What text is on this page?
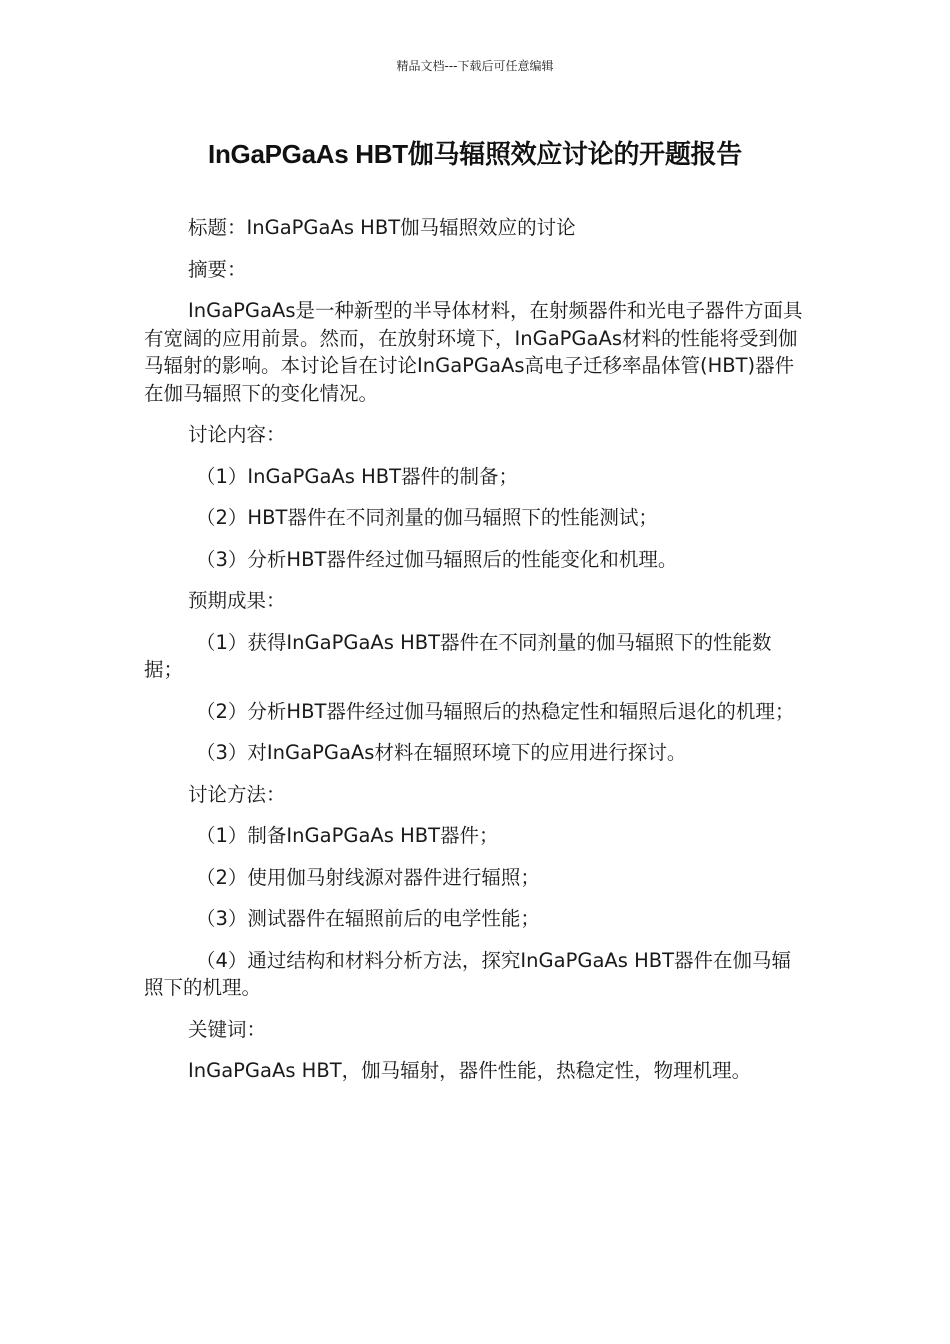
精品文档---下载后可任意编辑
InGaPGaAs HBT伽马辐照效应讨论的开题报告

标题：InGaPGaAs HBT伽马辐照效应的讨论

摘要：

InGaPGaAs是一种新型的半导体材料，在射频器件和光电子器件方面具有宽阔的应用前景。然而，在放射环境下，InGaPGaAs材料的性能将受到伽马辐射的影响。本讨论旨在讨论InGaPGaAs高电子迁移率晶体管(HBT)器件在伽马辐照下的变化情况。

讨论内容：

（1）InGaPGaAs HBT器件的制备；

（2）HBT器件在不同剂量的伽马辐照下的性能测试；

（3）分析HBT器件经过伽马辐照后的性能变化和机理。

预期成果：

（1）获得InGaPGaAs HBT器件在不同剂量的伽马辐照下的性能数据；

（2）分析HBT器件经过伽马辐照后的热稳定性和辐照后退化的机理；

（3）对InGaPGaAs材料在辐照环境下的应用进行探讨。

讨论方法：

（1）制备InGaPGaAs HBT器件；

（2）使用伽马射线源对器件进行辐照；

（3）测试器件在辐照前后的电学性能；

（4）通过结构和材料分析方法，探究InGaPGaAs HBT器件在伽马辐照下的机理。

关键词：

InGaPGaAs HBT，伽马辐射，器件性能，热稳定性，物理机理。
